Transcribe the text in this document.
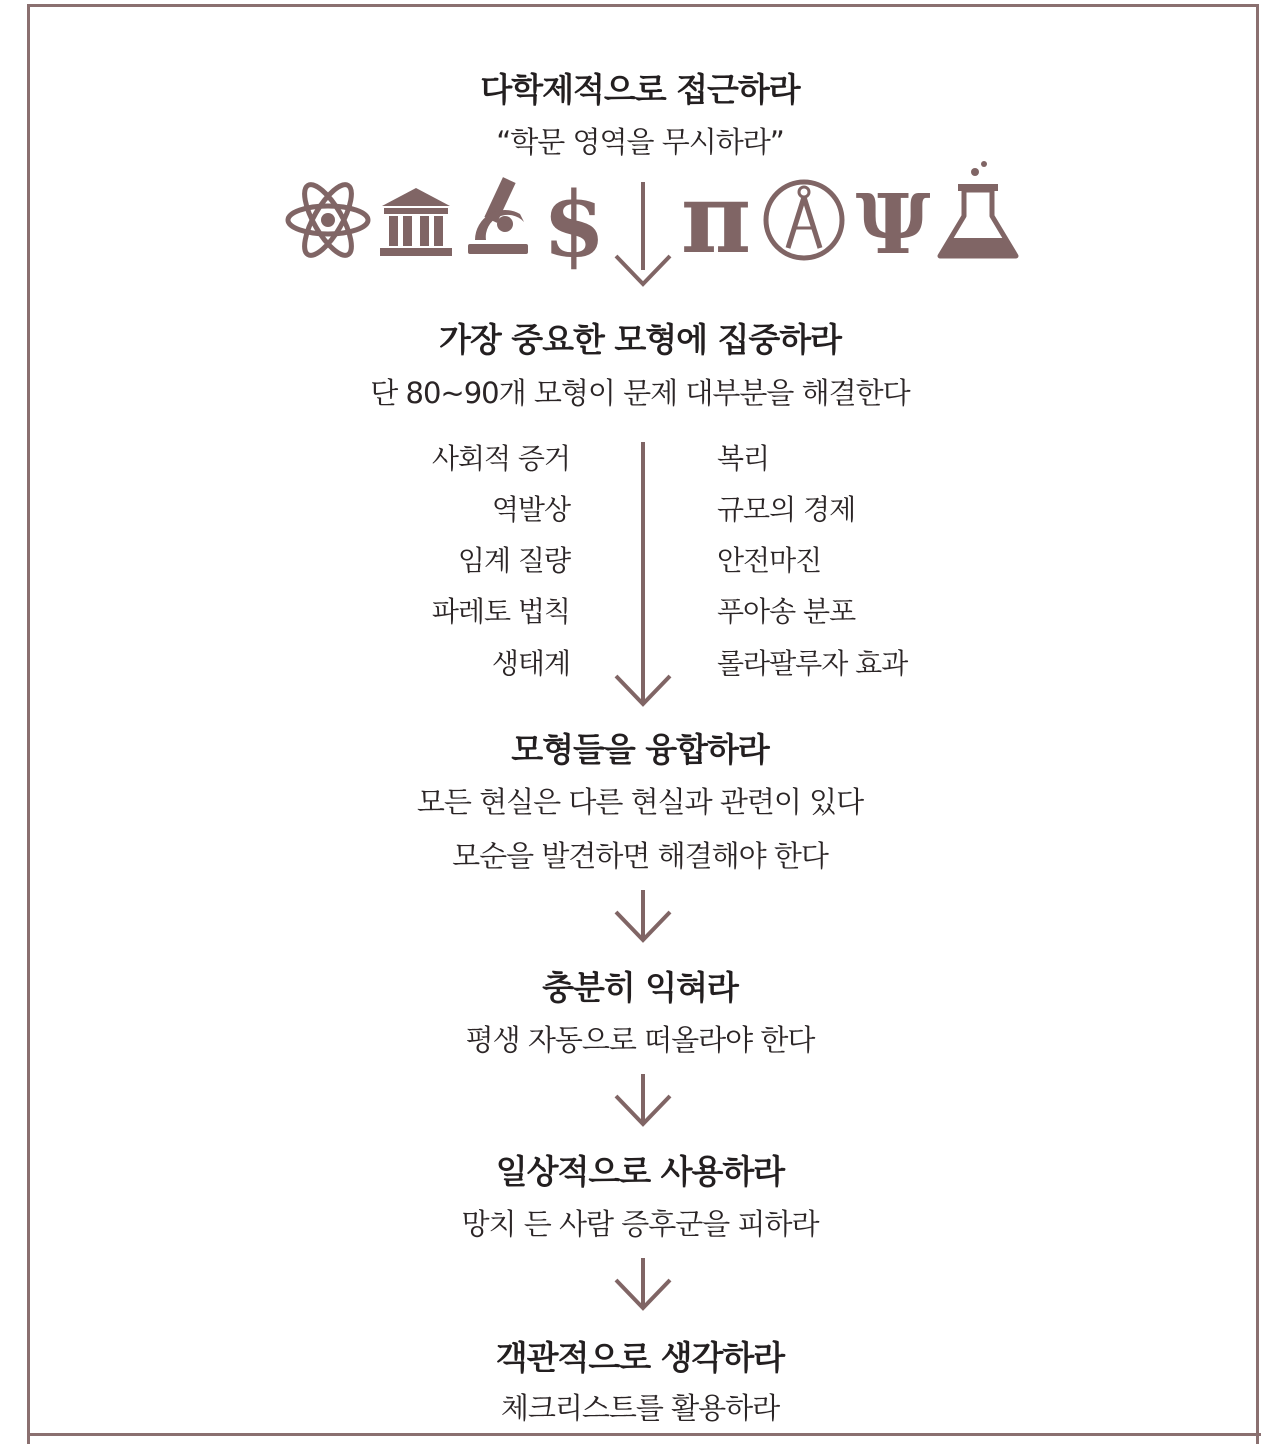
다학제적으로 접근하라
“학문 영역을 무시하라”
$ π Ψ
가장 중요한 모형에 집중하라
단 80~90개 모형이 문제 대부분을 해결한다
사회적 증거
역발상
임계 질량
파레토 법칙
생태계
복리
규모의 경제
안전마진
푸아송 분포
롤라팔루자 효과
모형들을 융합하라
모든 현실은 다른 현실과 관련이 있다
모순을 발견하면 해결해야 한다
충분히 익혀라
평생 자동으로 떠올라야 한다
일상적으로 사용하라
망치 든 사람 증후군을 피하라
객관적으로 생각하라
체크리스트를 활용하라
